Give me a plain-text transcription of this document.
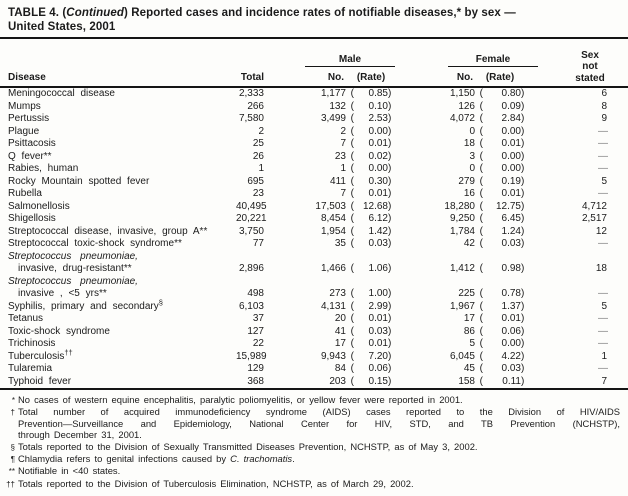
TABLE 4. (Continued) Reported cases and incidence rates of notifiable diseases,* by sex —
United States, 2001
Disease	Total
Male	Female
No.	(Rate)	No.	(Rate)
Sex
not
stated
Meningococcal disease	2,333	1,177 (	0.85 )	1,150 (	0.80 )	6
Mumps	266	132 (	0.10 )	126 (	0.09 )	8
Pertussis	7,580	3,499 (	2.53 )	4,072 (	2.84 )	9
Plague	2	2 (	0.00 )	0 (	0.00 )	—
Psittacosis	25	7 (	0.01 )	18 (	0.01 )	—
Q fever**	26	23 (	0.02 )	3 (	0.00 )	—
Rabies, human	1	1 (	0.00 )	0 (	0.00 )	—
Rocky Mountain spotted fever	695	411 (	0.30 )	279 (	0.19 )	5
Rubella	23	7 (	0.01 )	16 (	0.01 )	—
Salmonellosis	40,495	17,503 ( 12.68 )	18,280 (	12.75 )	4,712
Shigellosis	20,221	8,454 (	6.12 )	9,250 (	6.45 )	2,517
Streptococcal disease, invasive, group A**	3,750	1,954 (	1.42 )	1,784 (	1.24 )	12
Streptococcal toxic-shock syndrome**	77	35 (	0.03 )	42 (	0.03 )	—
Streptococcus pneumoniae,
invasive, drug-resistant**	2,896	1,466 (	1.06 )	1,412 (	0.98 )	18
Streptococcus pneumoniae,
invasive , <5 yrs**	498	273 (	1.00 )	225 (	0.78 )	—
Syphilis, primary and secondary§	6,103	4,131 (	2.99 )	1,967 (	1.37 )	5
Tetanus	37	20 (	0.01 )	17 (	0.01 )	—
Toxic-shock syndrome	127	41 (	0.03 )	86 (	0.06 )	—
Trichinosis	22	17 (	0.01 )	5 (	0.00 )	—
Tuberculosis††	15,989	9,943 (	7.20 )	6,045 (	4.22 )	1
Tularemia	129	84 (	0.06 )	45 (	0.03 )	—
Typhoid fever	368	203 (	0.15 )	158 (	0.11 )	7
* No cases of western equine encephalitis, paralytic poliomyelitis, or yellow fever were reported in 2001.
† Total number of acquired immunodeficiency syndrome (AIDS) cases reported to the Division of HIV/AIDS
Prevention—Surveillance and Epidemiology, National Center for HIV, STD, and TB Prevention (NCHSTP),
through December 31, 2001.
§ Totals reported to the Division of Sexually Transmitted Diseases Prevention, NCHSTP, as of May 3, 2002.
¶ Chlamydia refers to genital infections caused by C. trachomatis.
** Notifiable in <40 states.
†† Totals reported to the Division of Tuberculosis Elimination, NCHSTP, as of March 29, 2002.
